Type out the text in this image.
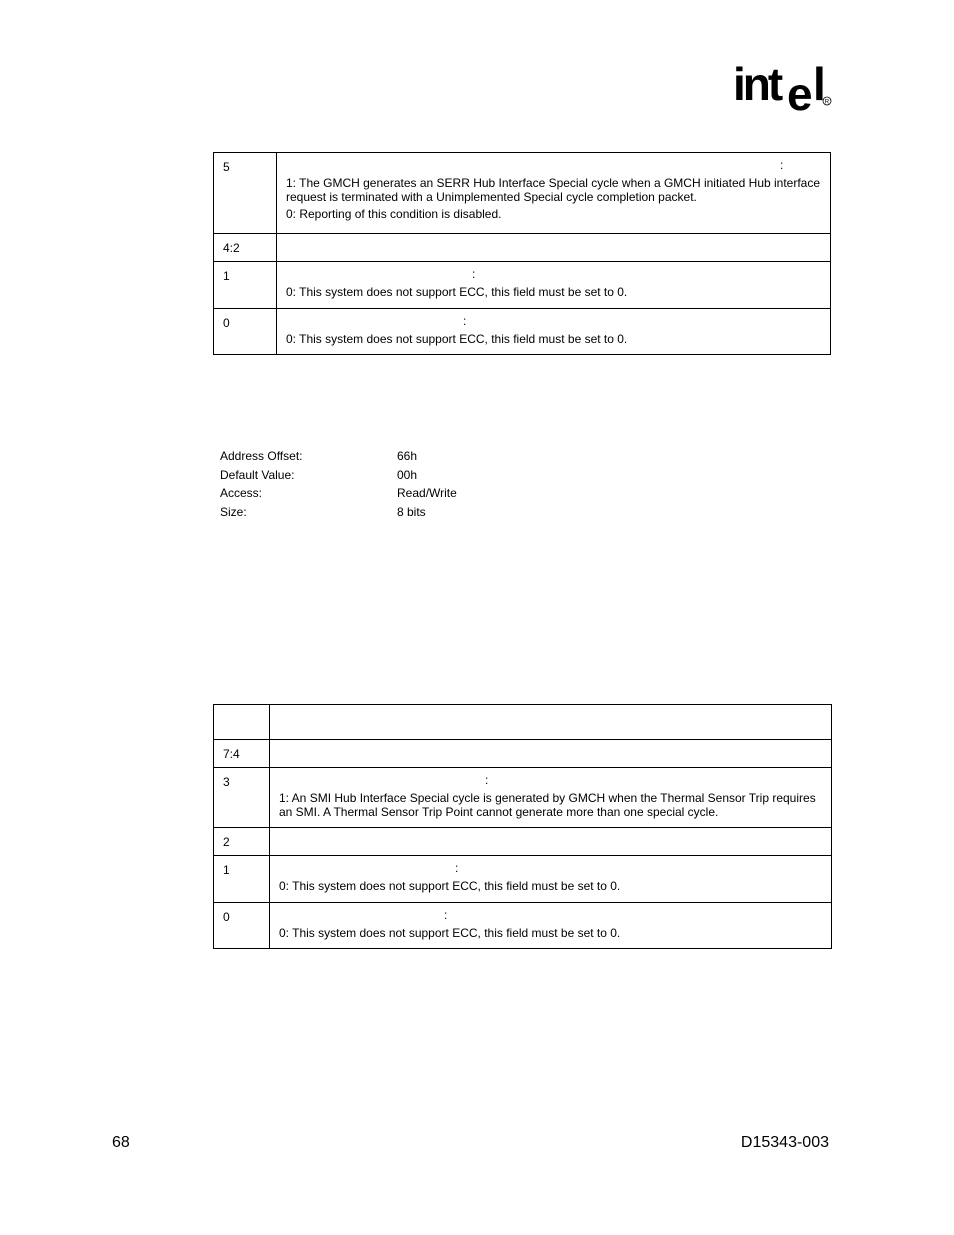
int e l
R
5	:
1: The GMCH generates an SERR Hub Interface Special cycle when a GMCH initiated Hub interface request is terminated with a Unimplemented Special cycle completion packet.
0: Reporting of this condition is disabled.

4:2	
1	:
0: This system does not support ECC, this field must be set to 0.

0	:
0: This system does not support ECC, this field must be set to 0.
Address Offset:	66h
Default Value:	00h
Access:	Read/Write
Size:	8 bits

7:4	
3	:
1: An SMI Hub Interface Special cycle is generated by GMCH when the Thermal Sensor Trip requires an SMI. A Thermal Sensor Trip Point cannot generate more than one special cycle.

2	
1	:
0: This system does not support ECC, this field must be set to 0.

0	:
0: This system does not support ECC, this field must be set to 0.
68	D15343-003
